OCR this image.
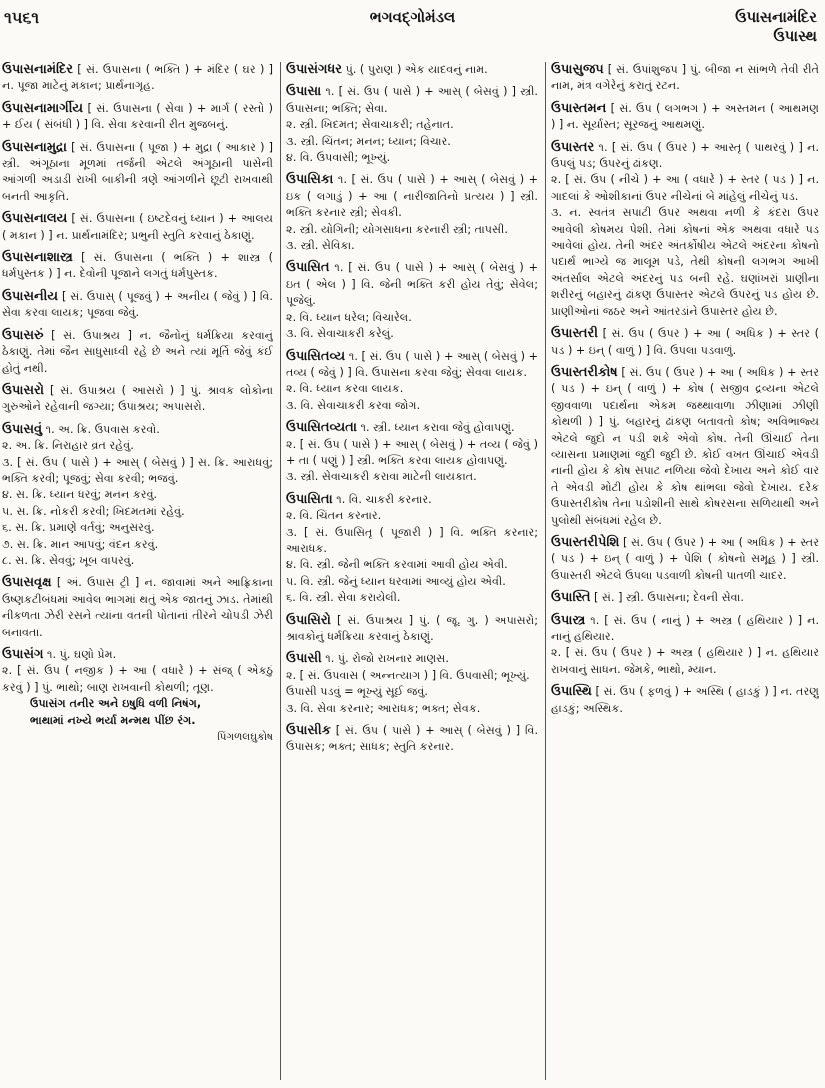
૧૫૬૧	ભગવદ્ગોમંડલ	ઉપાસનામંદિર
ઉપાસ્થ
ઉપાસનામંદિર [ સં. ઉપાસના ( ભક્તિ ) + મંદિર ( ઘર ) ] ન. પૂજા માટેનું મકાન; પ્રાર્થનાગૃહ.
ઉપાસનામાર્ગીય [ સં. ઉપાસના ( સેવા ) + માર્ગ ( રસ્તો ) + ઈય ( સંબંધી ) ] વિ. સેવા કરવાની રીત મુજબનું.
ઉપાસનામુદ્રા [ સં. ઉપાસના ( પૂજા ) + મુદ્રા ( આકાર ) ] સ્ત્રી. અંગૂઠાના મૂળમાં તર્જની એટલે અંગૂઠાની પાસેની આંગળી અડાડી રાખી બાકીની ત્રણે આંગળીને છૂટી રાખવાથી બનતી આકૃતિ.
ઉપાસનાલય [ સં. ઉપાસના ( ઇષ્ટદેવનું ધ્યાન ) + આલય ( મકાન ) ] ન. પ્રાર્થનામંદિર; પ્રભુની સ્તુતિ કરવાનું ઠેકાણું.
ઉપાસનાશાસ્ત્ર [ સં. ઉપાસના ( ભક્તિ ) + શાસ્ત્ર ( ધર્મપુસ્તક ) ] ન. દેવોની પૂજાને લગતું ધર્મપુસ્તક.
ઉપાસનીય [ સં. ઉપાસ્ ( પૂજવું ) + અનીય ( જેવું ) ] વિ. સેવા કરવા લાયક; પૂજવા જેવું.
ઉપાસરું [ સં. ઉપાશ્રય ] ન. જૈનોનું ધર્મક્રિયા કરવાનું ઠેકાણું. તેમાં જૈન સાધુસાધ્વી રહે છે અને ત્યાં મૂર્તિ જેવું કંઈ હોતું નથી.
ઉપાસરો [ સં. ઉપાશ્રય ( આસરો ) ] પું. શ્રાવક લોકોના ગુરુઓને રહેવાની જગ્યા; ઉપાશ્રય; અપાસરો.
ઉપાસવું ૧. અ. ક્રિ. ઉપવાસ કરવો.
૨. અ. ક્રિ. નિરાહાર વ્રત રહેવું.
૩. [ સં. ઉપ ( પાસે ) + આસ્ ( બેસવું ) ] સ. ક્રિ. આરાધવું; ભક્તિ કરવી; પૂજવું; સેવા કરવી; ભજવું.
૪. સ. ક્રિ. ધ્યાન ધરવું; મનન કરવું.
૫. સ. ક્રિ. નોકરી કરવી; ખિદમતમાં રહેવું.
૬. સ. ક્રિ. પ્રમાણે વર્તવું; અનુસરવું.
૭. સ. ક્રિ. માન આપવું; વંદન કરવું.
૮. સ. ક્રિ. સેવવું; ખૂબ વાપરવું.
ઉપાસવૃક્ષ [ અં. ઉપાસ ટ્રી ] ન. જાવામાં અને આફ્રિકાના ઉષ્ણકટીબંધમાં આવેલ ભાગમાં થતું એક જાતનું ઝાડ. તેમાંથી નીકળતા ઝેરી રસને ત્યાંના વતની પોતાનાં તીરને ચોપડી ઝેરી બનાવતા.
ઉપાસંગ ૧. પું. ઘણો પ્રેમ.
૨. [ સં. ઉપ ( નજીક ) + આ ( વધારે ) + સંજ્ ( એકઠું કરવું ) ] પું. ભાથો; બાણ રાખવાની કોથળી; તૂણ.
ઉપાસંગ તનીર અને ઇષુધિ વળી નિષંગ,
ભાથામાં નખ્યે ભર્યા મન્મથ પીંછ રંગ.
પિંગળલઘુકોષ
ઉપાસંગધર પું. ( પુરાણ ) એક યાદવનું નામ.
ઉપાસા ૧. [ સં. ઉપ ( પાસે ) + આસ્ ( બેસવું ) ] સ્ત્રી. ઉપાસના; ભક્તિ; સેવા.
૨. સ્ત્રી. ખિદમત; સેવાચાકરી; તહેનાત.
૩. સ્ત્રી. ચિંતન; મનન; ધ્યાન; વિચાર.
૪. વિ. ઉપવાસી; ભૂખ્યું.
ઉપાસિકા ૧. [ સં. ઉપ ( પાસે ) + આસ્ ( બેસવું ) + ઇક ( લગાડું ) + આ ( નારીજાતિનો પ્રત્યય ) ] સ્ત્રી. ભક્તિ કરનાર સ્ત્રી; સેવકી.
૨. સ્ત્રી. યોગિની; યોગસાધના કરનારી સ્ત્રી; તાપસી.
૩. સ્ત્રી. સેવિકા.
ઉપાસિત ૧. [ સં. ઉપ ( પાસે ) + આસ્ ( બેસવું ) + ઇત ( એલ ) ] વિ. જેની ભક્તિ કરી હોય તેવું; સેવેલ; પૂજેલું.
૨. વિ. ધ્યાન ધરેલ; વિચારેલ.
૩. વિ. સેવાચાકરી કરેલું.
ઉપાસિતવ્ય ૧. [ સં. ઉપ ( પાસે ) + આસ્ ( બેસવું ) + તવ્ય ( જેવું ) ] વિ. ઉપાસના કરવા જેવું; સેવવા લાયક.
૨. વિ. ધ્યાન કરવા લાયક.
૩. વિ. સેવાચાકરી કરવા જોગ.
ઉપાસિતવ્યતા ૧. સ્ત્રી. ધ્યાન કરાવા જેવું હોવાપણું.
૨. [ સં. ઉપ ( પાસે ) + આસ્ ( બેસવું ) + તવ્ય ( જેવું ) + તા ( પણું ) ] સ્ત્રી. ભક્તિ કરવા લાયક હોવાપણું.
૩. સ્ત્રી. સેવાચાકરી કરાવા માટેની લાયકાત.
ઉપાસિતા ૧. વિ. ચાકરી કરનાર.
૨. વિ. ચિંતન કરનાર.
૩. [ સં. ઉપાસિતૃ ( પૂજારી ) ] વિ. ભક્તિ કરનાર; આરાધક.
૪. વિ. સ્ત્રી. જેની ભક્તિ કરવામાં આવી હોય એવી.
૫. વિ. સ્ત્રી. જેનું ધ્યાન ધરવામાં આવ્યું હોય એવી.
૬. વિ. સ્ત્રી. સેવા કરાયેલી.
ઉપાસિરો [ સં. ઉપાશ્રય ] પું. ( જૂ. ગુ. ) અપાસરો; શ્રાવકોનું ધર્મક્રિયા કરવાનું ઠેકાણું.
ઉપાસી ૧. પું. રોજો રાખનાર માણસ.
૨. [ સં. ઉપવાસ ( અન્નત્યાગ ) ] વિ. ઉપવાસી; ભૂખ્યું.
ઉપાસી પડવું = ભૂખ્યું સૂઈ જવું.
૩. વિ. સેવા કરનાર; આરાધક; ભક્ત; સેવક.
ઉપાસીક [ સં. ઉપ ( પાસે ) + આસ્ ( બેસવું ) ] વિ. ઉપાસક; ભક્ત; સાધક; સ્તુતિ કરનાર.
ઉપાસુજપ [ સં. ઉપાંશુજપ ] પું. બીજા ન સાંભળે તેવી રીતે નામ, મંત્ર વગેરેનું કરાતું રટન.
ઉપાસ્તમન [ સં. ઉપ ( લગભગ ) + અસ્તમન ( આથમણ ) ] ન. સૂર્યાસ્ત; સૂરજનું આથમણું.
ઉપાસ્તર ૧. [ સં. ઉપ ( ઉપર ) + આસ્તૃ ( પાથરવું ) ] ન. ઉપલું પડ; ઉપરનું ઢાંકણ.
૨. [ સં. ઉપ ( નીચે ) + આ ( વધારે ) + સ્તર ( પડ ) ] ન. ગાદલાં કે ઓશીકાનાં ઉપર નીચેનાં બે માંહેલું નીચેનું પડ.
૩. ન. સ્વતંત્ર સપાટી ઉપર અથવા નળી કે કંદરા ઉપર આવેલી કોષમય પેશી. તેમાં કોષનાં એક અથવા વધારે પડ આવેલાં હોય. તેની અંદર અંતર્કોષીય એટલે અંદરના કોષનો પદાર્થ ભાગ્યે જ માલૂમ પડે, તેથી કોષની લગભગ આખી અંતર્સાલ એટલે અંદરનું પડ બની રહે. ઘણાંખરાં પ્રાણીના શરીરનું બહારનું ઢાંકણ ઉપાસ્તર એટલે ઉપરનું પડ હોય છે. પ્રાણીઓનાં જઠર અને આંતરડાંને ઉપાસ્તર હોય છે.
ઉપાસ્તરી [ સં. ઉપ ( ઉપર ) + આ ( અધિક ) + સ્તર ( પડ ) + ઇન્ ( વાળું ) ] વિ. ઉપલા પડવાળું.
ઉપાસ્તરીકોષ [ સં. ઉપ ( ઉપર ) + આ ( અધિક ) + સ્તર ( પડ ) + ઇન્ ( વાળું ) + કોષ ( સજીવ દ્રવ્યના એટલે જીવવાળા પદાર્થના એકમ જથ્થાવાળા ઝીણામાં ઝીણી કોથળી ) ] પું. બહારનું ઢાંકણ બતાવતો કોષ; અવિભાજ્ય એટલે જુદો ન પડી શકે એવો કોષ. તેની ઊંચાઈ તેના વ્યાસના પ્રમાણમાં જુદી જુદી છે. કોઈ વખત ઊંચાઈ એવડી નાની હોય કે કોષ સપાટ નળિયા જેવો દેખાય અને કોઈ વાર તે એવડી મોટી હોય કે કોષ થાંભલા જેવો દેખાય. દરેક ઉપાસ્તરીકોષ તેના પડોશીની સાથે કોષરસના સળિયાથી અને પુલોથી સંબંધમાં રહેલ છે.
ઉપાસ્તરીપેશિ [ સં. ઉપ ( ઉપર ) + આ ( અધિક ) + સ્તર ( પડ ) + ઇન્ ( વાળું ) + પેશિ ( કોષનો સમૂહ ) ] સ્ત્રી. ઉપાસ્તરી એટલે ઉપલા પડવાળી કોષની પાતળી ચાદર.
ઉપાસ્તિ [ સં. ] સ્ત્રી. ઉપાસના; દેવની સેવા.
ઉપાસ્ત્ર ૧. [ સં. ઉપ ( નાનું ) + અસ્ત્ર ( હથિયાર ) ] ન. નાનું હથિયાર.
૨. [ સં. ઉપ ( ઉપર ) + અસ્ત્ર ( હથિયાર ) ] ન. હથિયાર રાખવાનું સાધન. જેમકે, ભાથો, મ્યાન.
ઉપાસ્થિ [ સં. ઉપ ( ફળવું ) + અસ્થિ ( હાડકું ) ] ન. તરણુ હાડકું; અસ્થિક.
